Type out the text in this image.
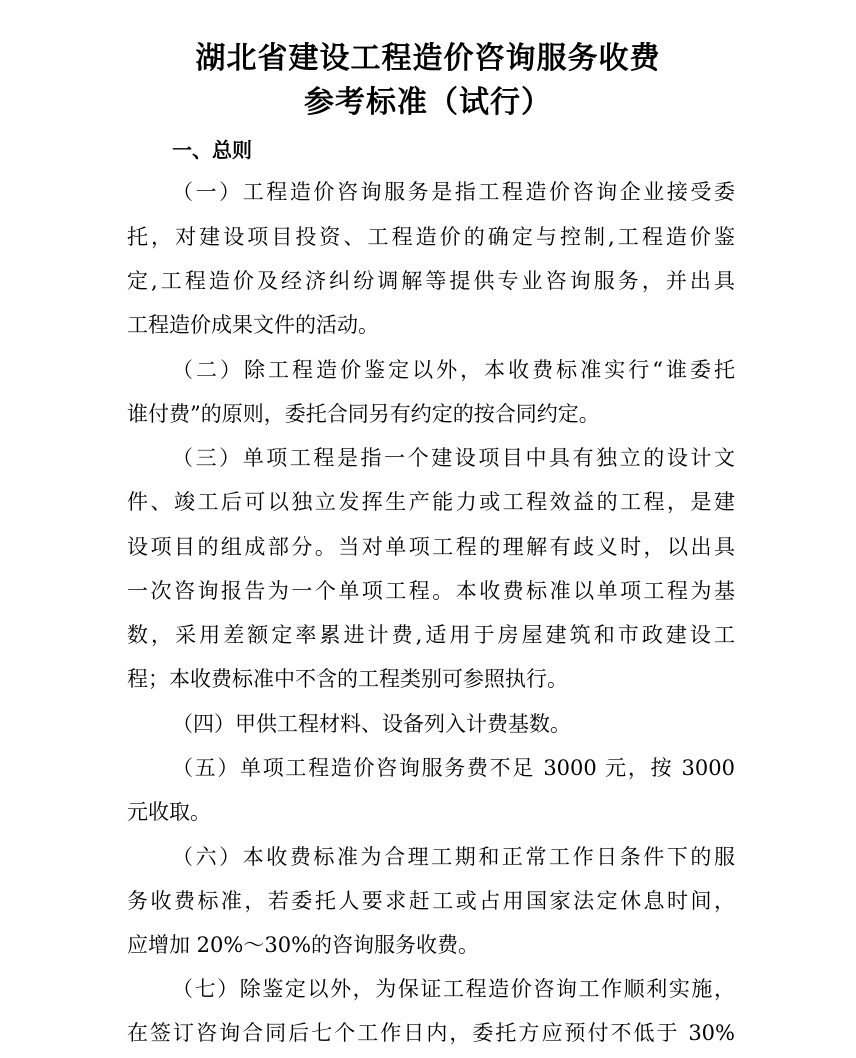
湖北省建设工程造价咨询服务收费
参考标准（试行）
一、总则
（一）工程造价咨询服务是指工程造价咨询企业接受委
托，对建设项目投资、工程造价的确定与控制,工程造价鉴
定,工程造价及经济纠纷调解等提供专业咨询服务，并出具
工程造价成果文件的活动。
（二）除工程造价鉴定以外，本收费标准实行“谁委托
谁付费”的原则，委托合同另有约定的按合同约定。
（三）单项工程是指一个建设项目中具有独立的设计文
件、竣工后可以独立发挥生产能力或工程效益的工程，是建
设项目的组成部分。当对单项工程的理解有歧义时，以出具
一次咨询报告为一个单项工程。本收费标准以单项工程为基
数，采用差额定率累进计费,适用于房屋建筑和市政建设工
程；本收费标准中不含的工程类别可参照执行。
（四）甲供工程材料、设备列入计费基数。
（五）单项工程造价咨询服务费不足 3000 元，按 3000
元收取。
（六）本收费标准为合理工期和正常工作日条件下的服
务收费标准，若委托人要求赶工或占用国家法定休息时间，
应增加 20%～30%的咨询服务收费。
（七）除鉴定以外，为保证工程造价咨询工作顺利实施，
在签订咨询合同后七个工作日内，委托方应预付不低于 30%
